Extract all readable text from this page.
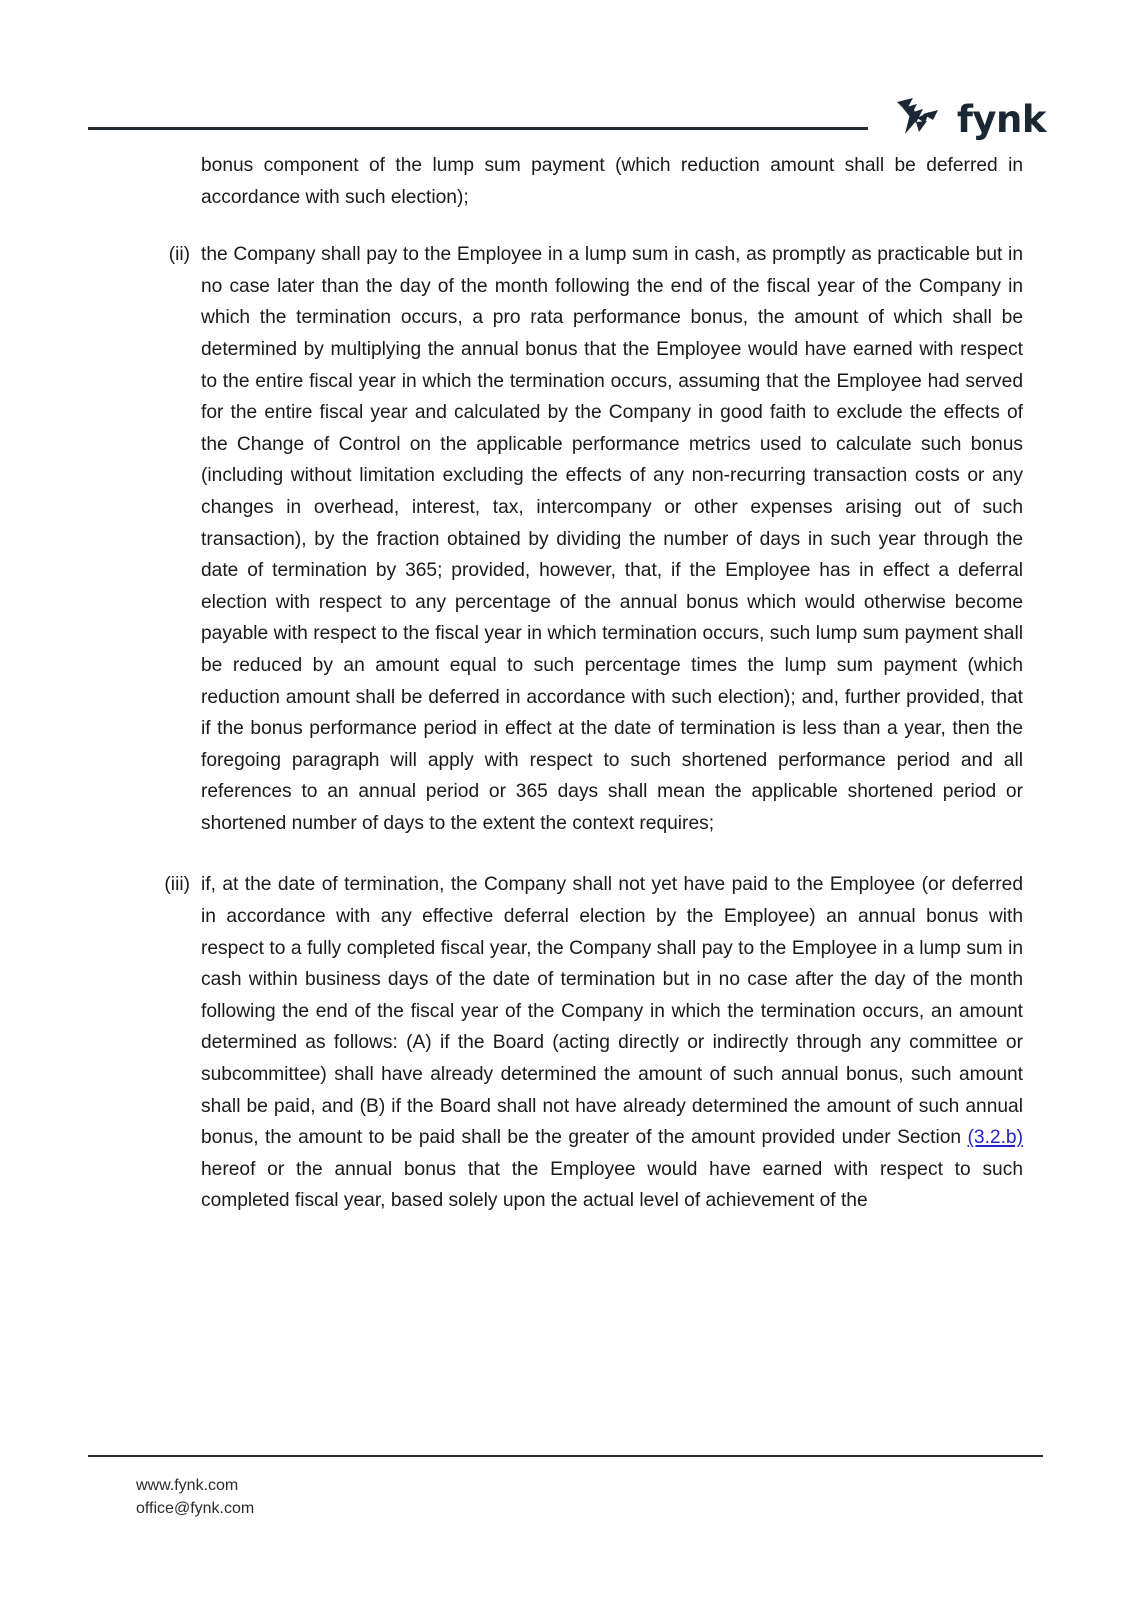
fynk

bonus component of the lump sum payment (which reduction amount shall be deferred in accordance with such election);

(ii) the Company shall pay to the Employee in a lump sum in cash, as promptly as practicable but in no case later than the day of the month following the end of the fiscal year of the Company in which the termination occurs, a pro rata performance bonus, the amount of which shall be determined by multiplying the annual bonus that the Employee would have earned with respect to the entire fiscal year in which the termination occurs, assuming that the Employee had served for the entire fiscal year and calculated by the Company in good faith to exclude the effects of the Change of Control on the applicable performance metrics used to calculate such bonus (including without limitation excluding the effects of any non-recurring transaction costs or any changes in overhead, interest, tax, intercompany or other expenses arising out of such transaction), by the fraction obtained by dividing the number of days in such year through the date of termination by 365; provided, however, that, if the Employee has in effect a deferral election with respect to any percentage of the annual bonus which would otherwise become payable with respect to the fiscal year in which termination occurs, such lump sum payment shall be reduced by an amount equal to such percentage times the lump sum payment (which reduction amount shall be deferred in accordance with such election); and, further provided, that if the bonus performance period in effect at the date of termination is less than a year, then the foregoing paragraph will apply with respect to such shortened performance period and all references to an annual period or 365 days shall mean the applicable shortened period or shortened number of days to the extent the context requires;
(iii) if, at the date of termination, the Company shall not yet have paid to the Employee (or deferred in accordance with any effective deferral election by the Employee) an annual bonus with respect to a fully completed fiscal year, the Company shall pay to the Employee in a lump sum in cash within business days of the date of termination but in no case after the day of the month following the end of the fiscal year of the Company in which the termination occurs, an amount determined as follows: (A) if the Board (acting directly or indirectly through any committee or subcommittee) shall have already determined the amount of such annual bonus, such amount shall be paid, and (B) if the Board shall not have already determined the amount of such annual bonus, the amount to be paid shall be the greater of the amount provided under Section (3.2.b) hereof or the annual bonus that the Employee would have earned with respect to such completed fiscal year, based solely upon the actual level of achievement of the
www.fynk.com
office@fynk.com
